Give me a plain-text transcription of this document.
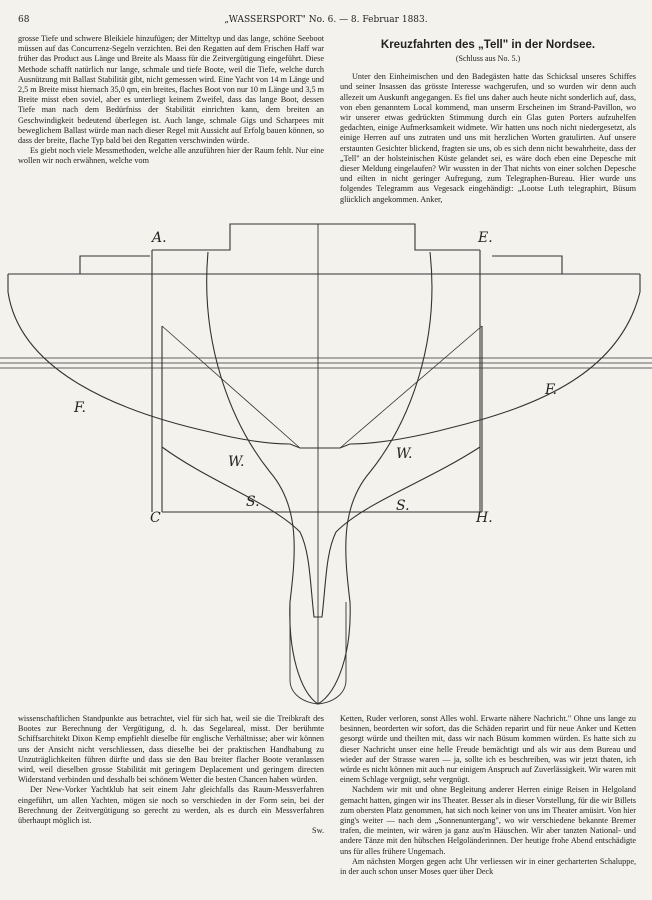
68	„WASSERSPORT" No. 6. — 8. Februar 1883.

grosse Tiefe und schwere Bleikiele hinzufügen; der Mitteltyp und das lange, schöne Seeboot müssen auf das Concurrenz-Segeln verzichten. Bei den Regatten auf dem Frischen Haff war früher das Product aus Länge und Breite als Maass für die Zeitvergütigung eingeführt. Diese Methode schafft natürlich nur lange, schmale und tiefe Boote, weil die Tiefe, welche durch Ausnützung mit Ballast Stabilität gibt, nicht gemessen wird. Eine Yacht von 14 m Länge und 2,5 m Breite misst hiernach 35,0 qm, ein breites, flaches Boot von nur 10 m Länge und 3,5 m Breite misst eben soviel, aber es unterliegt keinem Zweifel, dass das lange Boot, dessen Tiefe man nach dem Bedürfniss der Stabilität einrichten kann, dem breiten an Geschwindigkeit bedeutend überlegen ist. Auch lange, schmale Gigs und Scharpees mit beweglichem Ballast würde man nach dieser Regel mit Aussicht auf Erfolg bauen können, so dass der breite, flache Typ bald bei den Regatten verschwinden würde.

Es giebt noch viele Messmethoden, welche alle anzuführen hier der Raum fehlt. Nur eine wollen wir noch erwähnen, welche vom

Kreuzfahrten des „Tell" in der Nordsee.
(Schluss aus No. 5.)

Unter den Einheimischen und den Badegästen hatte das Schicksal unseres Schiffes und seiner Insassen das grösste Interesse wachgerufen, und so wurden wir denn auch allezeit um Auskunft angegangen. Es fiel uns daher auch heute nicht sonderlich auf, dass, von eben genanntem Local kommend, man unserm Erscheinen im Strand-Pavillon, wo wir unserer etwas gedrückten Stimmung durch ein Glas guten Porters aufzuhelfen gedachten, einige Aufmerksamkeit widmete. Wir hatten uns noch nicht niedergesetzt, als einige Herren auf uns zutraten und uns mit herzlichen Worten gratulirten. Auf unsere erstaunten Gesichter blickend, fragten sie uns, ob es sich denn nicht bewahrheite, dass der „Tell" an der holsteinischen Küste gelandet sei, es wäre doch eben eine Depesche mit dieser Meldung eingelaufen? Wir wussten in der That nichts von einer solchen Depesche und eilten in nicht geringer Aufregung, zum Telegraphen-Bureau. Hier wurde uns folgendes Telegramm aus Vegesack eingehändigt: „Lootse Luth telegraphirt, Büsum glücklich angekommen. Anker,

A.	E.
C	H.
F.
F.
W.	W.
S.	S.

wissenschaftlichen Standpunkte aus betrachtet, viel für sich hat, weil sie die Treibkraft des Bootes zur Berechnung der Vergütigung, d. h. das Segelareal, misst. Der berühmte Schiffsarchitekt Dixon Kemp empfiehlt dieselbe für englische Verhältnisse; aber wir können uns der Ansicht nicht verschliessen, dass dieselbe bei der praktischen Handhabung zu Unzuträglichkeiten führen dürfte und dass sie den Bau breiter flacher Boote veranlassen wird, weil dieselben grosse Stabilität mit geringem Deplacement und geringem directen Widerstand verbinden und desshalb bei schönem Wetter die besten Chancen haben würden.

Der New-Vorker Yachtklub hat seit einem Jahr gleichfalls das Raum-Messverfahren eingeführt, um allen Yachten, mögen sie noch so verschieden in der Form sein, bei der Berechnung der Zeitvergütigung so gerecht zu werden, als es durch ein Messverfahren überhaupt möglich ist.

Sw.

Ketten, Ruder verloren, sonst Alles wohl. Erwarte nähere Nachricht." Ohne uns lange zu besinnen, beorderten wir sofort, das die Schäden reparirt und für neue Anker und Ketten gesorgt würde und theilten mit, dass wir nach Büsum kommen würden. Es hatte sich zu dieser Nachricht unser eine helle Freude bemächtigt und als wir aus dem Bureau und wieder auf der Strasse waren — ja, sollte ich es beschreiben, was wir jetzt thaten, ich würde es nicht können mit auch nur einigem Anspruch auf Zuverlässigkeit. Wir waren mit einem Schlage vergnügt, sehr vergnügt.

Nachdem wir mit und ohne Begleitung anderer Herren einige Reisen in Helgoland gemacht hatten, gingen wir ins Theater. Besser als in dieser Vorstellung, für die wir Billets zum obersten Platz genommen, hat sich noch keiner von uns im Theater amüsirt. Von hier ging's weiter — nach dem „Sonnenuntergang", wo wir verschiedene bekannte Bremer trafen, die meinten, wir wären ja ganz aus'm Häuschen. Wir aber tanzten National- und andere Tänze mit den hübschen Helgoländerinnen. Der heutige frohe Abend entschädigte uns für alles frühere Ungemach.

Am nächsten Morgen gegen acht Uhr verliessen wir in einer gecharterten Schaluppe, in der auch schon unser Moses quer über Deck
